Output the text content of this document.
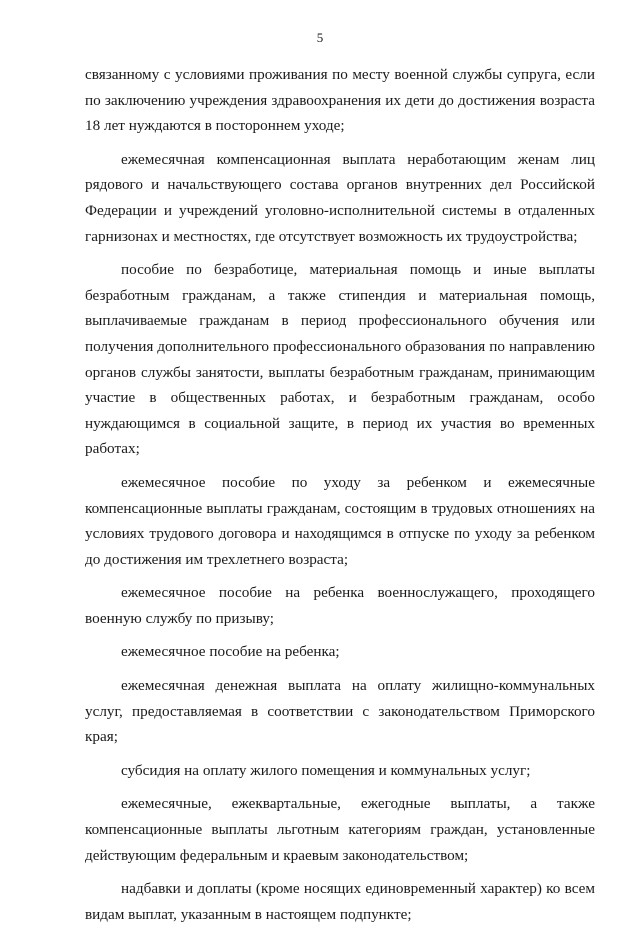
5

связанному с условиями проживания по месту военной службы супруга, если по заключению учреждения здравоохранения их дети до достижения возраста 18 лет нуждаются в постороннем уходе;

ежемесячная компенсационная выплата неработающим женам лиц рядового и начальствующего состава органов внутренних дел Российской Федерации и учреждений уголовно-исполнительной системы в отдаленных гарнизонах и местностях, где отсутствует возможность их трудоустройства;

пособие по безработице, материальная помощь и иные выплаты безработным гражданам, а также стипендия и материальная помощь, выплачиваемые гражданам в период профессионального обучения или получения дополнительного профессионального образования по направлению органов службы занятости, выплаты безработным гражданам, принимающим участие в общественных работах, и безработным гражданам, особо нуждающимся в социальной защите, в период их участия во временных работах;

ежемесячное пособие по уходу за ребенком и ежемесячные компенсационные выплаты гражданам, состоящим в трудовых отношениях на условиях трудового договора и находящимся в отпуске по уходу за ребенком до достижения им трехлетнего возраста;

ежемесячное пособие на ребенка военнослужащего, проходящего военную службу по призыву;

ежемесячное пособие на ребенка;

ежемесячная денежная выплата на оплату жилищно-коммунальных услуг, предоставляемая в соответствии с законодательством Приморского края;

субсидия на оплату жилого помещения и коммунальных услуг;

ежемесячные, ежеквартальные, ежегодные выплаты, а также компенсационные выплаты льготным категориям граждан, установленные действующим федеральным и краевым законодательством;

надбавки и доплаты (кроме носящих единовременный характер) ко всем видам выплат, указанным в настоящем подпункте;
